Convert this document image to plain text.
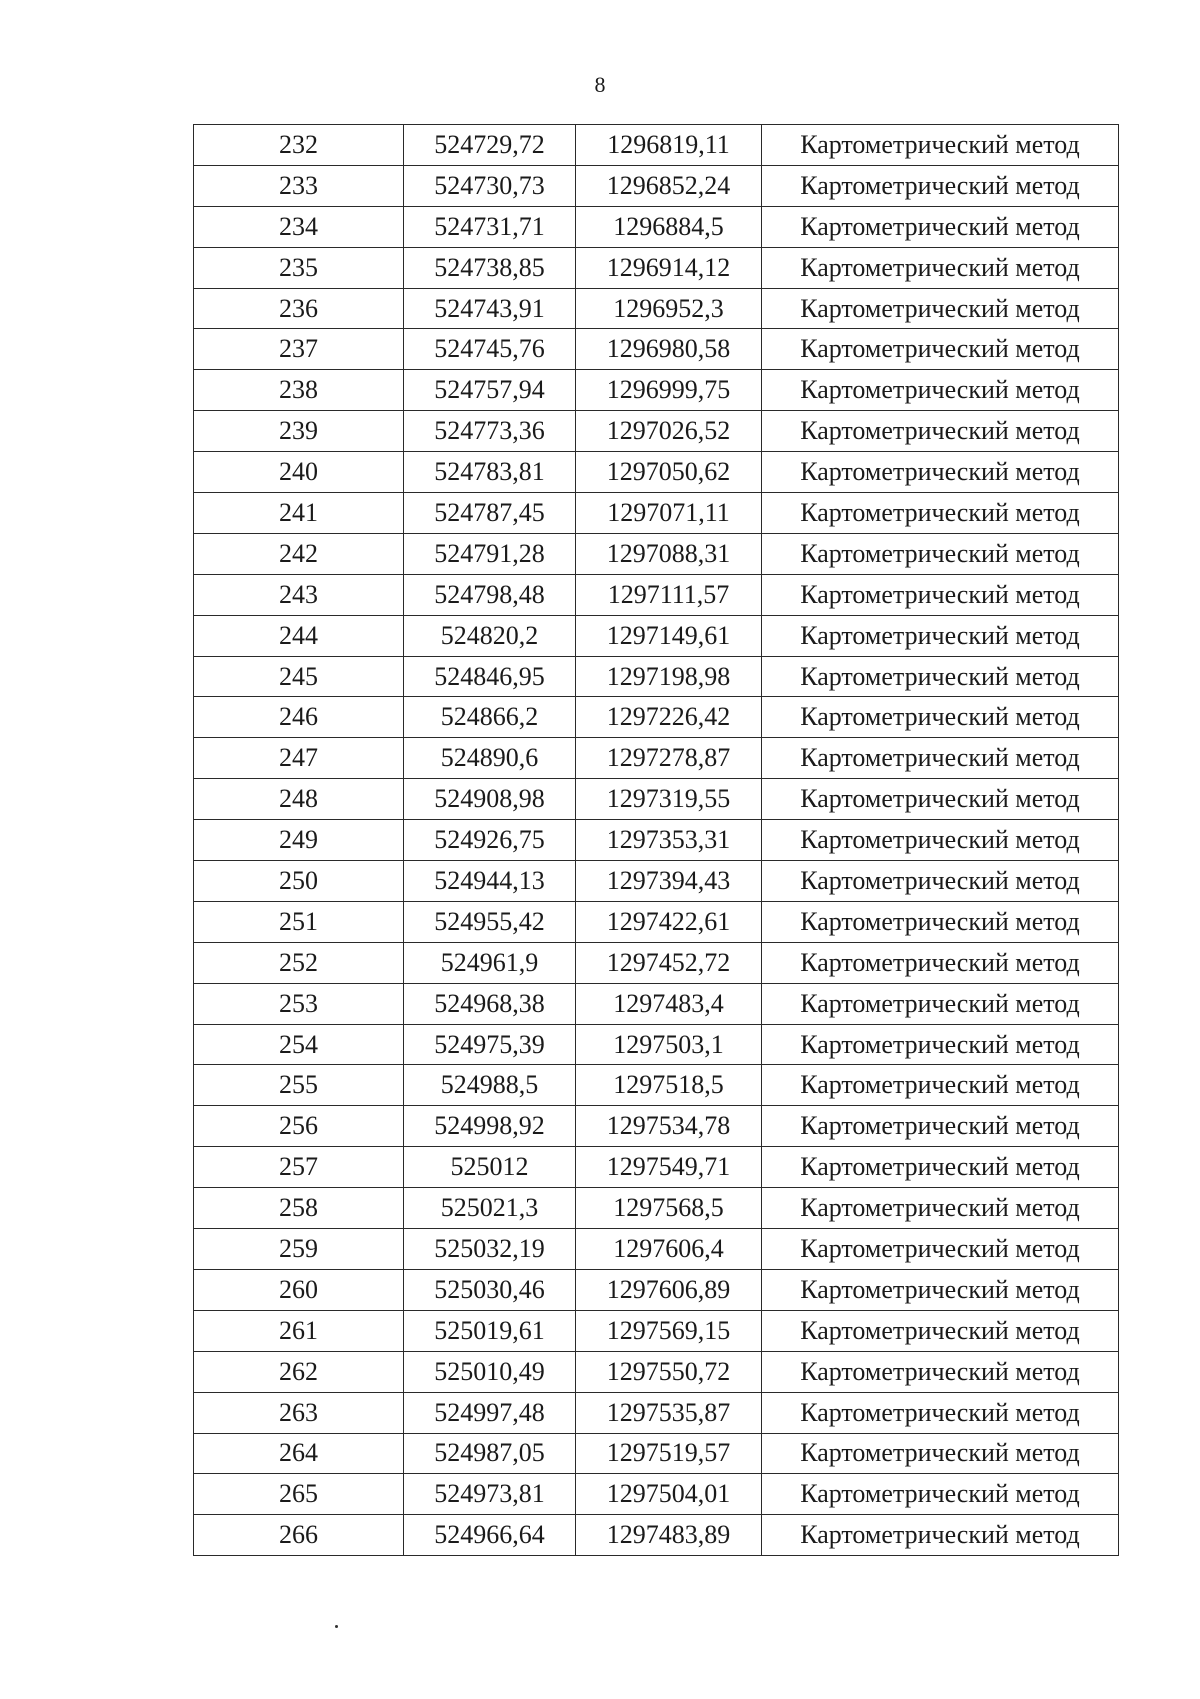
8
232	524729,72	1296819,11	Картометрический метод
233	524730,73	1296852,24	Картометрический метод
234	524731,71	1296884,5	Картометрический метод
235	524738,85	1296914,12	Картометрический метод
236	524743,91	1296952,3	Картометрический метод
237	524745,76	1296980,58	Картометрический метод
238	524757,94	1296999,75	Картометрический метод
239	524773,36	1297026,52	Картометрический метод
240	524783,81	1297050,62	Картометрический метод
241	524787,45	1297071,11	Картометрический метод
242	524791,28	1297088,31	Картометрический метод
243	524798,48	1297111,57	Картометрический метод
244	524820,2	1297149,61	Картометрический метод
245	524846,95	1297198,98	Картометрический метод
246	524866,2	1297226,42	Картометрический метод
247	524890,6	1297278,87	Картометрический метод
248	524908,98	1297319,55	Картометрический метод
249	524926,75	1297353,31	Картометрический метод
250	524944,13	1297394,43	Картометрический метод
251	524955,42	1297422,61	Картометрический метод
252	524961,9	1297452,72	Картометрический метод
253	524968,38	1297483,4	Картометрический метод
254	524975,39	1297503,1	Картометрический метод
255	524988,5	1297518,5	Картометрический метод
256	524998,92	1297534,78	Картометрический метод
257	525012	1297549,71	Картометрический метод
258	525021,3	1297568,5	Картометрический метод
259	525032,19	1297606,4	Картометрический метод
260	525030,46	1297606,89	Картометрический метод
261	525019,61	1297569,15	Картометрический метод
262	525010,49	1297550,72	Картометрический метод
263	524997,48	1297535,87	Картометрический метод
264	524987,05	1297519,57	Картометрический метод
265	524973,81	1297504,01	Картометрический метод
266	524966,64	1297483,89	Картометрический метод
